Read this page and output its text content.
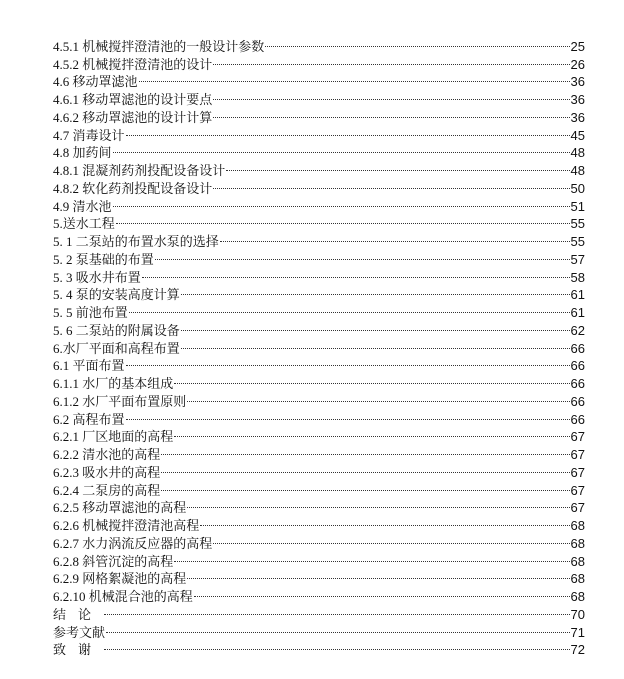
4.5.1 机械搅拌澄清池的一般设计参数	25
4.5.2 机械搅拌澄清池的设计	26
4.6 移动罩滤池	36
4.6.1 移动罩滤池的设计要点	36
4.6.2 移动罩滤池的设计计算	36
4.7 消毒设计	45
4.8 加药间	48
4.8.1 混凝剂药剂投配设备设计	48
4.8.2 软化药剂投配设备设计	50
4.9 清水池	51
5.送水工程	55
5. 1 二泵站的布置水泵的选择	55
5. 2 泵基础的布置	57
5. 3 吸水井布置	58
5. 4 泵的安装高度计算	61
5. 5 前池布置	61
5. 6 二泵站的附属设备	62
6.水厂平面和高程布置	66
6.1 平面布置	66
6.1.1 水厂的基本组成	66
6.1.2 水厂平面布置原则	66
6.2 高程布置	66
6.2.1 厂区地面的高程	67
6.2.2 清水池的高程	67
6.2.3 吸水井的高程	67
6.2.4 二泵房的高程	67
6.2.5 移动罩滤池的高程	67
6.2.6 机械搅拌澄清池高程	68
6.2.7 水力涡流反应器的高程	68
6.2.8 斜管沉淀的高程	68
6.2.9 网格絮凝池的高程	68
6.2.10 机械混合池的高程	68
结论	70
参考文献	71
致谢	72
